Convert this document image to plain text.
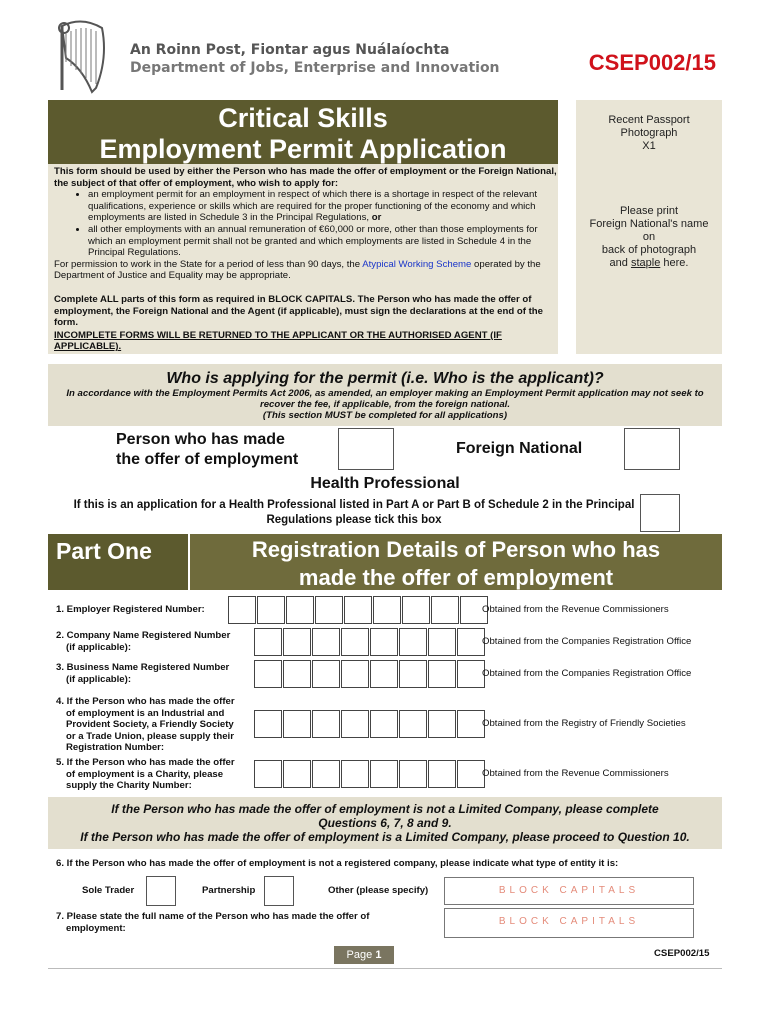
An Roinn Post, Fiontar agus Nuálaíochta
Department of Jobs, Enterprise and Innovation	CSEP002/15
Critical Skills
Employment Permit Application

This form should be used by either the Person who has made the offer of employment or the Foreign National, the subject of that offer of employment, who wish to apply for:

• an employment permit for an employment in respect of which there is a shortage in respect of the relevant qualifications, experience or skills which are required for the proper functioning of the economy and which employments are listed in Schedule 3 in the Principal Regulations, or
• all other employments with an annual remuneration of €60,000 or more, other than those employments for which an employment permit shall not be granted and which employments are listed in Schedule 4 in the Principal Regulations.

For permission to work in the State for a period of less than 90 days, the Atypical Working Scheme operated by the Department of Justice and Equality may be appropriate.

Complete ALL parts of this form as required in BLOCK CAPITALS. The Person who has made the offer of employment, the Foreign National and the Agent (if applicable), must sign the declarations at the end of the form.

INCOMPLETE FORMS WILL BE RETURNED TO THE APPLICANT OR THE AUTHORISED AGENT (IF APPLICABLE).

Recent Passport
Photograph
X1
Please print
Foreign National's name
on
back of photograph
and staple here.
Who is applying for the permit (i.e. Who is the applicant)?
In accordance with the Employment Permits Act 2006, as amended, an employer making an Employment Permit application may not seek to recover the fee, if applicable, from the foreign national.
(This section MUST be completed for all applications)
Person who has made
the offer of employment
Foreign National
Health Professional
If this is an application for a Health Professional listed in Part A or Part B of Schedule 2 in the Principal Regulations please tick this box
Part One	Registration Details of Person who has
made the offer of employment
1. Employer Registered Number:	Obtained from the Revenue Commissioners
2. Company Name Registered Number
(if applicable):	Obtained from the Companies Registration Office
3. Business Name Registered Number
(if applicable):	Obtained from the Companies Registration Office
4. If the Person who has made the offer
of employment is an Industrial and
Provident Society, a Friendly Society
or a Trade Union, please supply their
Registration Number:
Obtained from the Registry of Friendly Societies
5. If the Person who has made the offer
of employment is a Charity, please
supply the Charity Number:
Obtained from the Revenue Commissioners
If the Person who has made the offer of employment is not a Limited Company, please complete
Questions 6, 7, 8 and 9.
If the Person who has made the offer of employment is a Limited Company, please proceed to Question 10.
6. If the Person who has made the offer of employment is not a registered company, please indicate what type of entity it is:
Sole Trader	Partnership	Other (please specify)	BLOCK CAPITALS
7. Please state the full name of the Person who has made the offer of
employment:
BLOCK CAPITALS
Page 1	CSEP002/15
